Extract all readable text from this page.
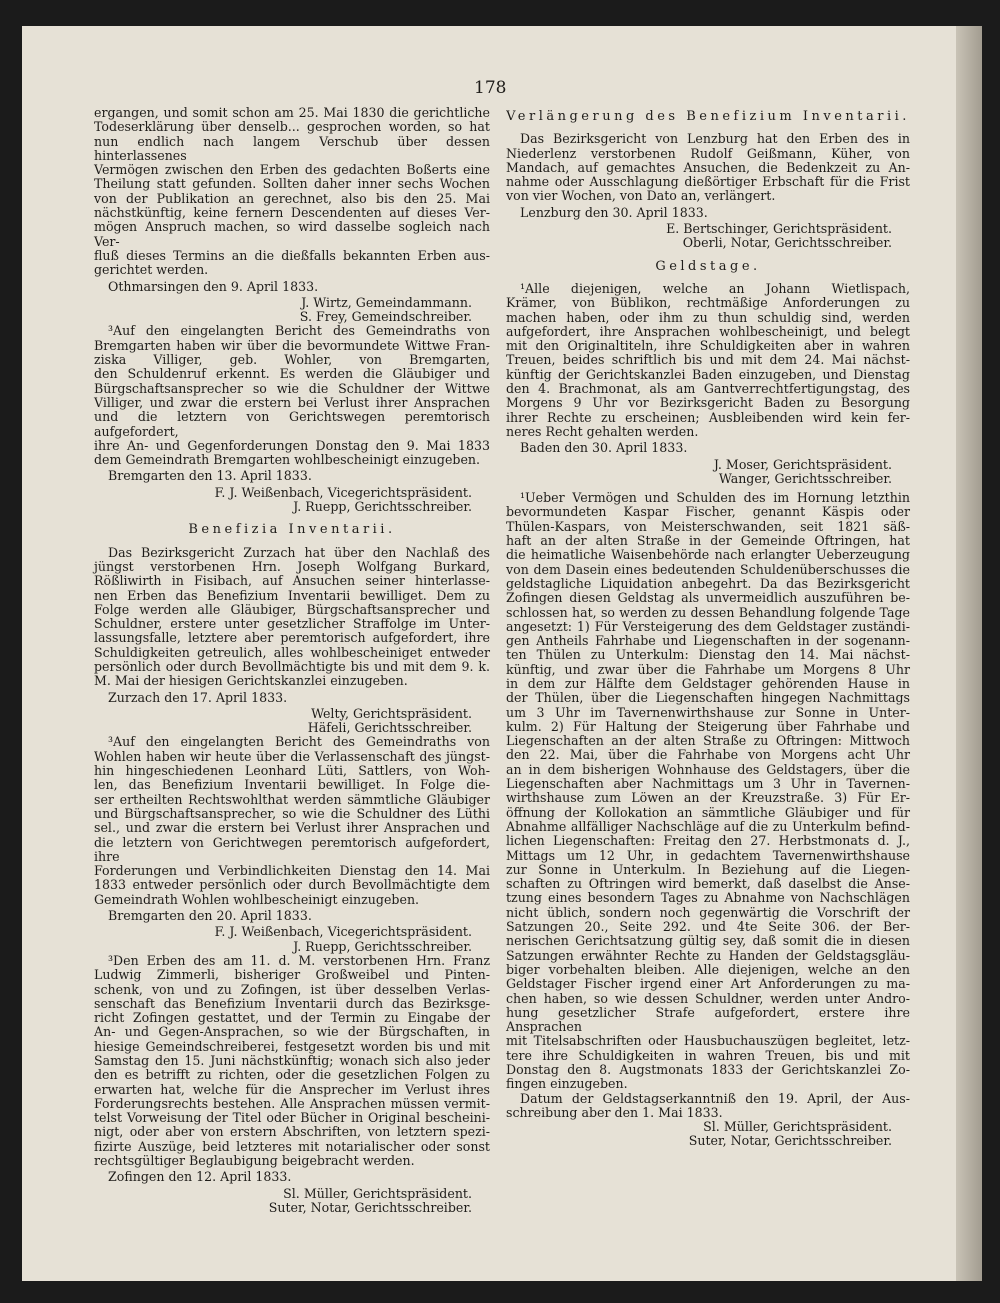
178
ergangen, und somit schon am 25. Mai 1830 die gerichtliche
Todeserklärung über denselb... gesprochen worden, so hat
nun endlich nach langem Verschub über dessen hinterlassenes
Vermögen zwischen den Erben des gedachten Boßerts eine
Theilung statt gefunden. Sollten daher inner sechs Wochen
von der Publikation an gerechnet, also bis den 25. Mai
nächstkünftig, keine fernern Descendenten auf dieses Ver-
mögen Anspruch machen, so wird dasselbe sogleich nach Ver-
fluß dieses Termins an die dießfalls bekannten Erben aus-
gerichtet werden.
Othmarsingen den 9. April 1833.
J. Wirtz, Gemeindammann.
S. Frey, Gemeindschreiber.
³Auf den eingelangten Bericht des Gemeindraths von
Bremgarten haben wir über die bevormundete Wittwe Fran-
ziska Villiger, geb. Wohler, von Bremgarten,
den Schuldenruf erkennt. Es werden die Gläubiger und
Bürgschaftsansprecher so wie die Schuldner der Wittwe
Villiger, und zwar die erstern bei Verlust ihrer Ansprachen
und die letztern von Gerichtswegen peremtorisch aufgefordert,
ihre An- und Gegenforderungen Donstag den 9. Mai 1833
dem Gemeindrath Bremgarten wohlbescheinigt einzugeben.
Bremgarten den 13. April 1833.
F. J. Weißenbach, Vicegerichtspräsident.
J. Ruepp, Gerichtsschreiber.
Benefizia Inventarii.
Das Bezirksgericht Zurzach hat über den Nachlaß des
jüngst verstorbenen Hrn. Joseph Wolfgang Burkard,
Rößliwirth in Fisibach, auf Ansuchen seiner hinterlasse-
nen Erben das Benefizium Inventarii bewilliget. Dem zu
Folge werden alle Gläubiger, Bürgschaftsansprecher und
Schuldner, erstere unter gesetzlicher Straffolge im Unter-
lassungsfalle, letztere aber peremtorisch aufgefordert, ihre
Schuldigkeiten getreulich, alles wohlbescheiniget entweder
persönlich oder durch Bevollmächtigte bis und mit dem 9. k.
M. Mai der hiesigen Gerichtskanzlei einzugeben.
Zurzach den 17. April 1833.
Welty, Gerichtspräsident.
Häfeli, Gerichtsschreiber.
³Auf den eingelangten Bericht des Gemeindraths von
Wohlen haben wir heute über die Verlassenschaft des jüngst-
hin hingeschiedenen Leonhard Lüti, Sattlers, von Woh-
len, das Benefizium Inventarii bewilliget. In Folge die-
ser ertheilten Rechtswohlthat werden sämmtliche Gläubiger
und Bürgschaftsansprecher, so wie die Schuldner des Lüthi
sel., und zwar die erstern bei Verlust ihrer Ansprachen und
die letztern von Gerichtwegen peremtorisch aufgefordert, ihre
Forderungen und Verbindlichkeiten Dienstag den 14. Mai
1833 entweder persönlich oder durch Bevollmächtigte dem
Gemeindrath Wohlen wohlbescheinigt einzugeben.
Bremgarten den 20. April 1833.
F. J. Weißenbach, Vicegerichtspräsident.
J. Ruepp, Gerichtsschreiber.
³Den Erben des am 11. d. M. verstorbenen Hrn. Franz
Ludwig Zimmerli, bisheriger Großweibel und Pinten-
schenk, von und zu Zofingen, ist über desselben Verlas-
senschaft das Benefizium Inventarii durch das Bezirksge-
richt Zofingen gestattet, und der Termin zu Eingabe der
An- und Gegen-Ansprachen, so wie der Bürgschaften, in
hiesige Gemeindschreiberei, festgesetzt worden bis und mit
Samstag den 15. Juni nächstkünftig; wonach sich also jeder
den es betrifft zu richten, oder die gesetzlichen Folgen zu
erwarten hat, welche für die Ansprecher im Verlust ihres
Forderungsrechts bestehen. Alle Ansprachen müssen vermit-
telst Vorweisung der Titel oder Bücher in Original bescheini-
nigt, oder aber von erstern Abschriften, von letztern spezi-
fizirte Auszüge, beid letzteres mit notarialischer oder sonst
rechtsgültiger Beglaubigung beigebracht werden.
Zofingen den 12. April 1833.
Sl. Müller, Gerichtspräsident.
Suter, Notar, Gerichtsschreiber.
Verlängerung des Benefizium Inventarii.
Das Bezirksgericht von Lenzburg hat den Erben des in
Niederlenz verstorbenen Rudolf Geißmann, Küher, von
Mandach, auf gemachtes Ansuchen, die Bedenkzeit zu An-
nahme oder Ausschlagung dießörtiger Erbschaft für die Frist
von vier Wochen, von Dato an, verlängert.
Lenzburg den 30. April 1833.
E. Bertschinger, Gerichtspräsident.
Oberli, Notar, Gerichtsschreiber.
Geldstage.
¹Alle diejenigen, welche an Johann Wietlispach,
Krämer, von Büblikon, rechtmäßige Anforderungen zu
machen haben, oder ihm zu thun schuldig sind, werden
aufgefordert, ihre Ansprachen wohlbescheinigt, und belegt
mit den Originaltiteln, ihre Schuldigkeiten aber in wahren
Treuen, beides schriftlich bis und mit dem 24. Mai nächst-
künftig der Gerichtskanzlei Baden einzugeben, und Dienstag
den 4. Brachmonat, als am Gantverrechtfertigungstag, des
Morgens 9 Uhr vor Bezirksgericht Baden zu Besorgung
ihrer Rechte zu erscheinen; Ausbleibenden wird kein fer-
neres Recht gehalten werden.
Baden den 30. April 1833.
J. Moser, Gerichtspräsident.
Wanger, Gerichtsschreiber.
¹Ueber Vermögen und Schulden des im Hornung letzthin
bevormundeten Kaspar Fischer, genannt Käspis oder
Thülen-Kaspars, von Meisterschwanden, seit 1821 säß-
haft an der alten Straße in der Gemeinde Oftringen, hat
die heimatliche Waisenbehörde nach erlangter Ueberzeugung
von dem Dasein eines bedeutenden Schuldenüberschusses die
geldstagliche Liquidation anbegehrt. Da das Bezirksgericht
Zofingen diesen Geldstag als unvermeidlich auszuführen be-
schlossen hat, so werden zu dessen Behandlung folgende Tage
angesetzt: 1) Für Versteigerung des dem Geldstager zuständi-
gen Antheils Fahrhabe und Liegenschaften in der sogenann-
ten Thülen zu Unterkulm: Dienstag den 14. Mai nächst-
künftig, und zwar über die Fahrhabe um Morgens 8 Uhr
in dem zur Hälfte dem Geldstager gehörenden Hause in
der Thülen, über die Liegenschaften hingegen Nachmittags
um 3 Uhr im Tavernenwirthshause zur Sonne in Unter-
kulm. 2) Für Haltung der Steigerung über Fahrhabe und
Liegenschaften an der alten Straße zu Oftringen: Mittwoch
den 22. Mai, über die Fahrhabe von Morgens acht Uhr
an in dem bisherigen Wohnhause des Geldstagers, über die
Liegenschaften aber Nachmittags um 3 Uhr in Tavernen-
wirthshause zum Löwen an der Kreuzstraße. 3) Für Er-
öffnung der Kollokation an sämmtliche Gläubiger und für
Abnahme allfälliger Nachschläge auf die zu Unterkulm befind-
lichen Liegenschaften: Freitag den 27. Herbstmonats d. J.,
Mittags um 12 Uhr, in gedachtem Tavernenwirthshause
zur Sonne in Unterkulm. In Beziehung auf die Liegen-
schaften zu Oftringen wird bemerkt, daß daselbst die Anse-
tzung eines besondern Tages zu Abnahme von Nachschlägen
nicht üblich, sondern noch gegenwärtig die Vorschrift der
Satzungen 20., Seite 292. und 4te Seite 306. der Ber-
nerischen Gerichtsatzung gültig sey, daß somit die in diesen
Satzungen erwähnter Rechte zu Handen der Geldstagsgläu-
biger vorbehalten bleiben. Alle diejenigen, welche an den
Geldstager Fischer irgend einer Art Anforderungen zu ma-
chen haben, so wie dessen Schuldner, werden unter Andro-
hung gesetzlicher Strafe aufgefordert, erstere ihre Ansprachen
mit Titelsabschriften oder Hausbuchauszügen begleitet, letz-
tere ihre Schuldigkeiten in wahren Treuen, bis und mit
Donstag den 8. Augstmonats 1833 der Gerichtskanzlei Zo-
fingen einzugeben.
Datum der Geldstagserkanntniß den 19. April, der Aus-
schreibung aber den 1. Mai 1833.
Sl. Müller, Gerichtspräsident.
Suter, Notar, Gerichtsschreiber.
